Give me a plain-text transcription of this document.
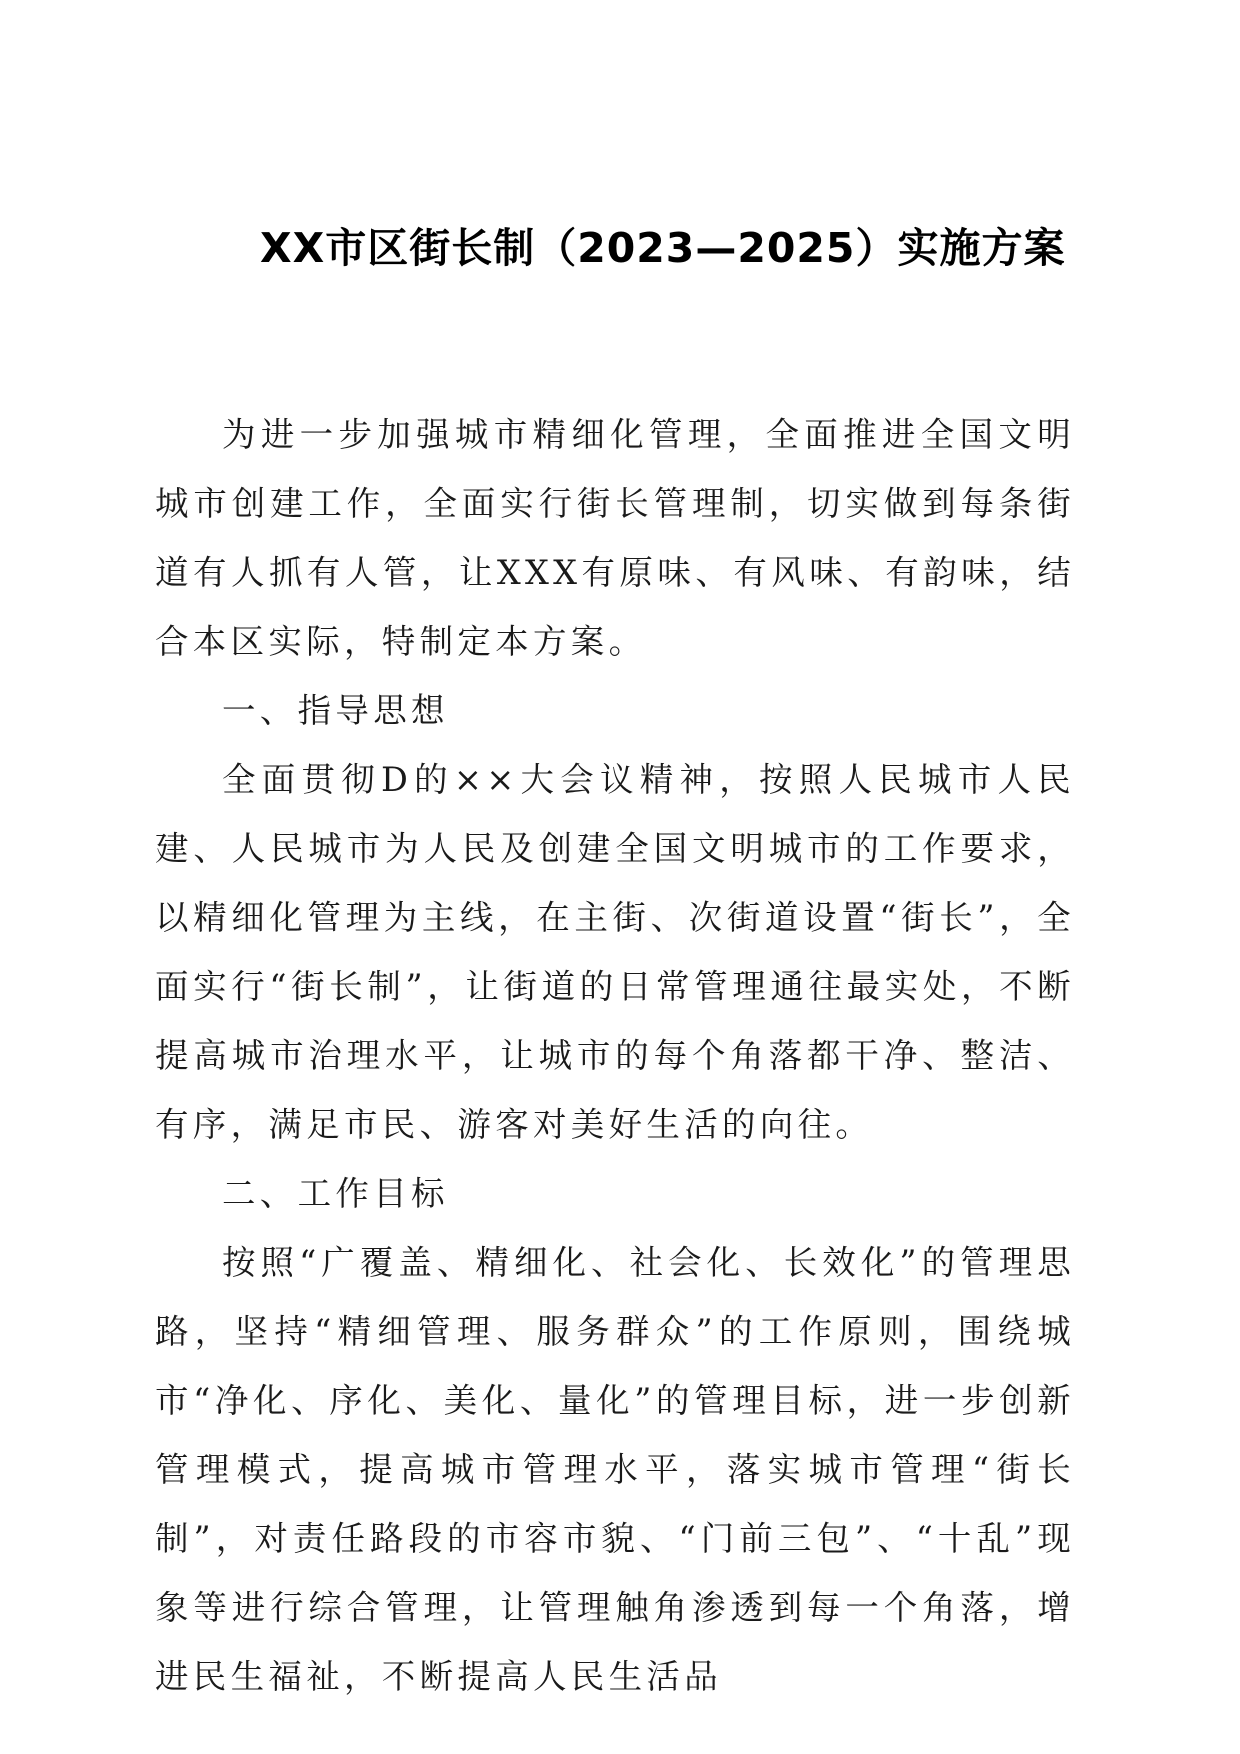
XX市区街长制（2023—2025）实施方案

为进一步加强城市精细化管理，全面推进全国文明城市创建工作，全面实行街长管理制，切实做到每条街道有人抓有人管，让XXX有原味、有风味、有韵味，结合本区实际，特制定本方案。

一、指导思想

全面贯彻D的××大会议精神，按照人民城市人民建、人民城市为人民及创建全国文明城市的工作要求，以精细化管理为主线，在主街、次街道设置“街长”，全面实行“街长制”，让街道的日常管理通往最实处，不断提高城市治理水平，让城市的每个角落都干净、整洁、有序，满足市民、游客对美好生活的向往。

二、工作目标

按照“广覆盖、精细化、社会化、长效化”的管理思路，坚持“精细管理、服务群众”的工作原则，围绕城市“净化、序化、美化、量化”的管理目标，进一步创新管理模式，提高城市管理水平，落实城市管理“街长制”，对责任路段的市容市貌、“门前三包”、“十乱”现象等进行综合管理，让管理触角渗透到每一个角落，增进民生福祉，不断提高人民生活品
